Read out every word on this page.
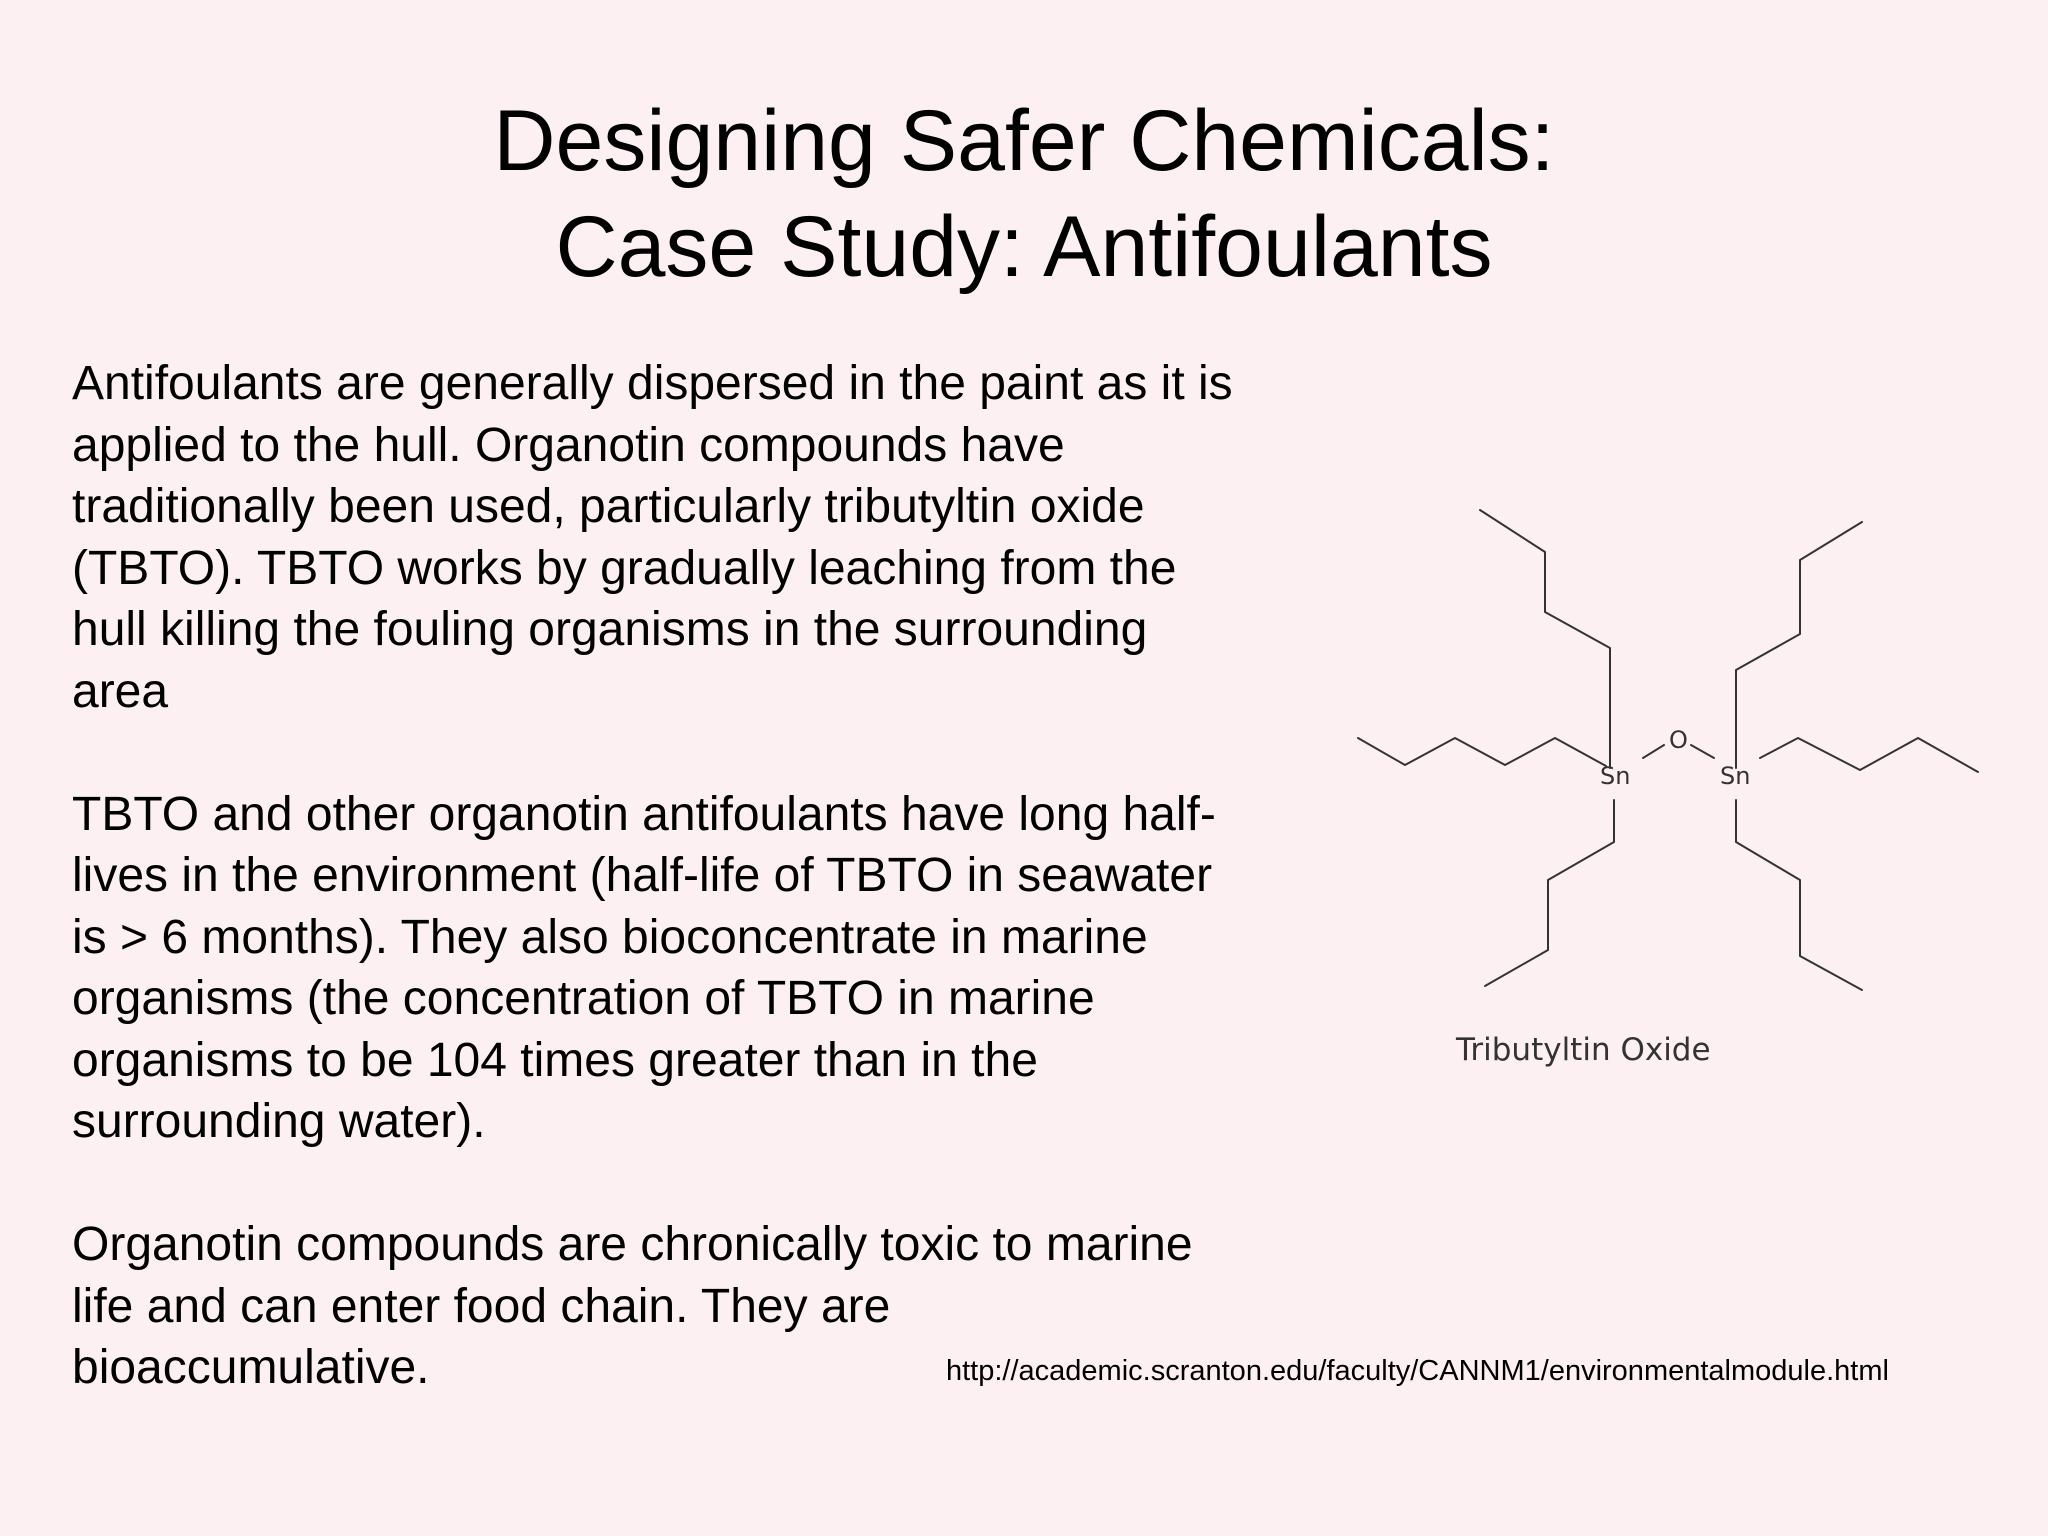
Designing Safer Chemicals:
Case Study: Antifoulants

Antifoulants are generally dispersed in the paint as it is
applied to the hull. Organotin compounds have
traditionally been used, particularly tributyltin oxide
(TBTO). TBTO works by gradually leaching from the
hull killing the fouling organisms in the surrounding
area

TBTO and other organotin antifoulants have long half-
lives in the environment (half-life of TBTO in seawater
is > 6 months). They also bioconcentrate in marine
organisms (the concentration of TBTO in marine
organisms to be 104 times greater than in the
surrounding water).

Organotin compounds are chronically toxic to marine
life and can enter food chain. They are
bioaccumulative.

Sn
O
Sn
Tributyltin Oxide
http://academic.scranton.edu/faculty/CANNM1/environmentalmodule.html
